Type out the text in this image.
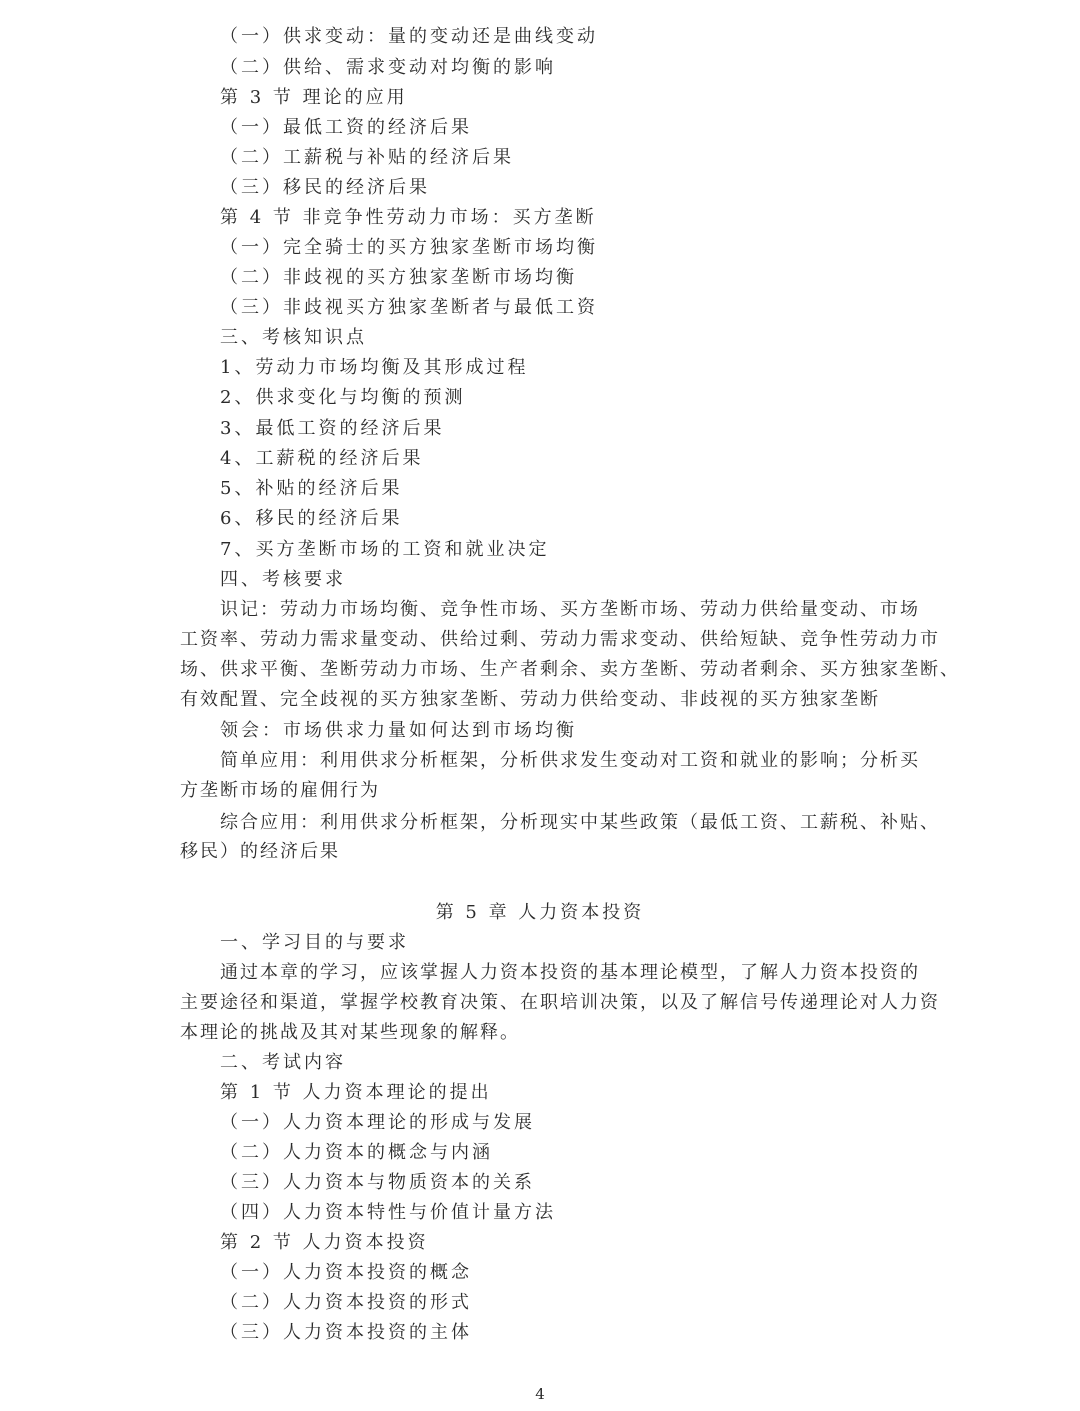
（一）供求变动：量的变动还是曲线变动
（二）供给、需求变动对均衡的影响
第 3 节 理论的应用
（一）最低工资的经济后果
（二）工薪税与补贴的经济后果
（三）移民的经济后果
第 4 节 非竞争性劳动力市场：买方垄断
（一）完全骑士的买方独家垄断市场均衡
（二）非歧视的买方独家垄断市场均衡
（三）非歧视买方独家垄断者与最低工资
三、考核知识点
1、劳动力市场均衡及其形成过程
2、供求变化与均衡的预测
3、最低工资的经济后果
4、工薪税的经济后果
5、补贴的经济后果
6、移民的经济后果
7、买方垄断市场的工资和就业决定
四、考核要求
识记：劳动力市场均衡、竞争性市场、买方垄断市场、劳动力供给量变动、市场
工资率、劳动力需求量变动、供给过剩、劳动力需求变动、供给短缺、竞争性劳动力市
场、供求平衡、垄断劳动力市场、生产者剩余、卖方垄断、劳动者剩余、买方独家垄断、
有效配置、完全歧视的买方独家垄断、劳动力供给变动、非歧视的买方独家垄断
领会：市场供求力量如何达到市场均衡
简单应用：利用供求分析框架，分析供求发生变动对工资和就业的影响；分析买
方垄断市场的雇佣行为
综合应用：利用供求分析框架，分析现实中某些政策（最低工资、工薪税、补贴、
移民）的经济后果
第 5 章 人力资本投资
一、学习目的与要求
通过本章的学习，应该掌握人力资本投资的基本理论模型，了解人力资本投资的
主要途径和渠道，掌握学校教育决策、在职培训决策，以及了解信号传递理论对人力资
本理论的挑战及其对某些现象的解释。
二、考试内容
第 1 节 人力资本理论的提出
（一）人力资本理论的形成与发展
（二）人力资本的概念与内涵
（三）人力资本与物质资本的关系
（四）人力资本特性与价值计量方法
第 2 节 人力资本投资
（一）人力资本投资的概念
（二）人力资本投资的形式
（三）人力资本投资的主体
4
